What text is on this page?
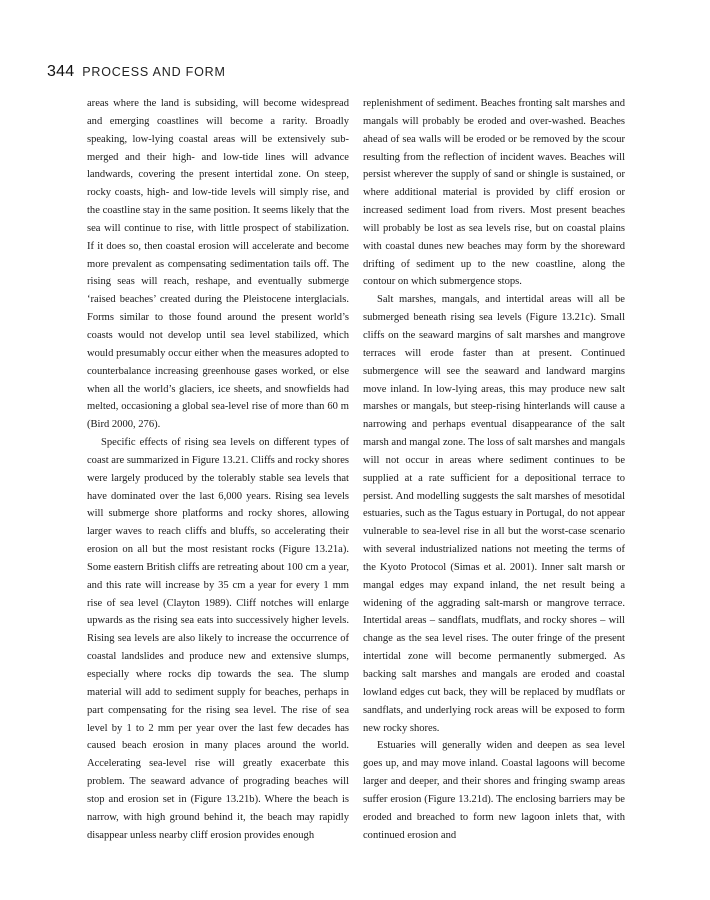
344 PROCESS AND FORM

areas where the land is subsiding, will become widespread and emerging coastlines will become a rarity. Broadly speaking, low-lying coastal areas will be extensively submerged and their high- and low-tide lines will advance landwards, covering the present intertidal zone. On steep, rocky coasts, high- and low-tide levels will simply rise, and the coastline stay in the same position. It seems likely that the sea will continue to rise, with little prospect of stabilization. If it does so, then coastal erosion will accelerate and become more prevalent as compensating sedimentation tails off. The rising seas will reach, reshape, and eventually submerge ‘raised beaches’ created during the Pleistocene interglacials. Forms similar to those found around the present world’s coasts would not develop until sea level stabilized, which would presumably occur either when the measures adopted to counterbalance increasing greenhouse gases worked, or else when all the world’s glaciers, ice sheets, and snowfields had melted, occasioning a global sea-level rise of more than 60 m (Bird 2000, 276).

Specific effects of rising sea levels on different types of coast are summarized in Figure 13.21. Cliffs and rocky shores were largely produced by the tolerably stable sea levels that have dominated over the last 6,000 years. Rising sea levels will submerge shore platforms and rocky shores, allowing larger waves to reach cliffs and bluffs, so accelerating their erosion on all but the most resistant rocks (Figure 13.21a). Some eastern British cliffs are retreating about 100 cm a year, and this rate will increase by 35 cm a year for every 1 mm rise of sea level (Clayton 1989). Cliff notches will enlarge upwards as the rising sea eats into successively higher levels. Rising sea levels are also likely to increase the occurrence of coastal landslides and produce new and extensive slumps, especially where rocks dip towards the sea. The slump material will add to sediment supply for beaches, perhaps in part compensating for the rising sea level. The rise of sea level by 1 to 2 mm per year over the last few decades has caused beach erosion in many places around the world. Accelerating sea-level rise will greatly exacerbate this problem. The seaward advance of prograding beaches will stop and erosion set in (Figure 13.21b). Where the beach is narrow, with high ground behind it, the beach may rapidly disappear unless nearby cliff erosion provides enough

replenishment of sediment. Beaches fronting salt marshes and mangals will probably be eroded and over-washed. Beaches ahead of sea walls will be eroded or be removed by the scour resulting from the reflection of incident waves. Beaches will persist wherever the supply of sand or shingle is sustained, or where additional material is provided by cliff erosion or increased sediment load from rivers. Most present beaches will probably be lost as sea levels rise, but on coastal plains with coastal dunes new beaches may form by the shoreward drifting of sediment up to the new coastline, along the contour on which submergence stops.

Salt marshes, mangals, and intertidal areas will all be submerged beneath rising sea levels (Figure 13.21c). Small cliffs on the seaward margins of salt marshes and mangrove terraces will erode faster than at present. Continued submergence will see the seaward and landward margins move inland. In low-lying areas, this may produce new salt marshes or mangals, but steep-rising hinterlands will cause a narrowing and perhaps eventual disappearance of the salt marsh and mangal zone. The loss of salt marshes and mangals will not occur in areas where sediment continues to be supplied at a rate sufficient for a depositional terrace to persist. And modelling suggests the salt marshes of mesotidal estuaries, such as the Tagus estuary in Portugal, do not appear vulnerable to sea-level rise in all but the worst-case scenario with several industrialized nations not meeting the terms of the Kyoto Protocol (Simas et al. 2001). Inner salt marsh or mangal edges may expand inland, the net result being a widening of the aggrading salt-marsh or mangrove terrace. Intertidal areas – sandflats, mudflats, and rocky shores – will change as the sea level rises. The outer fringe of the present intertidal zone will become permanently submerged. As backing salt marshes and mangals are eroded and coastal lowland edges cut back, they will be replaced by mudflats or sandflats, and underlying rock areas will be exposed to form new rocky shores.

Estuaries will generally widen and deepen as sea level goes up, and may move inland. Coastal lagoons will become larger and deeper, and their shores and fringing swamp areas suffer erosion (Figure 13.21d). The enclosing barriers may be eroded and breached to form new lagoon inlets that, with continued erosion and
